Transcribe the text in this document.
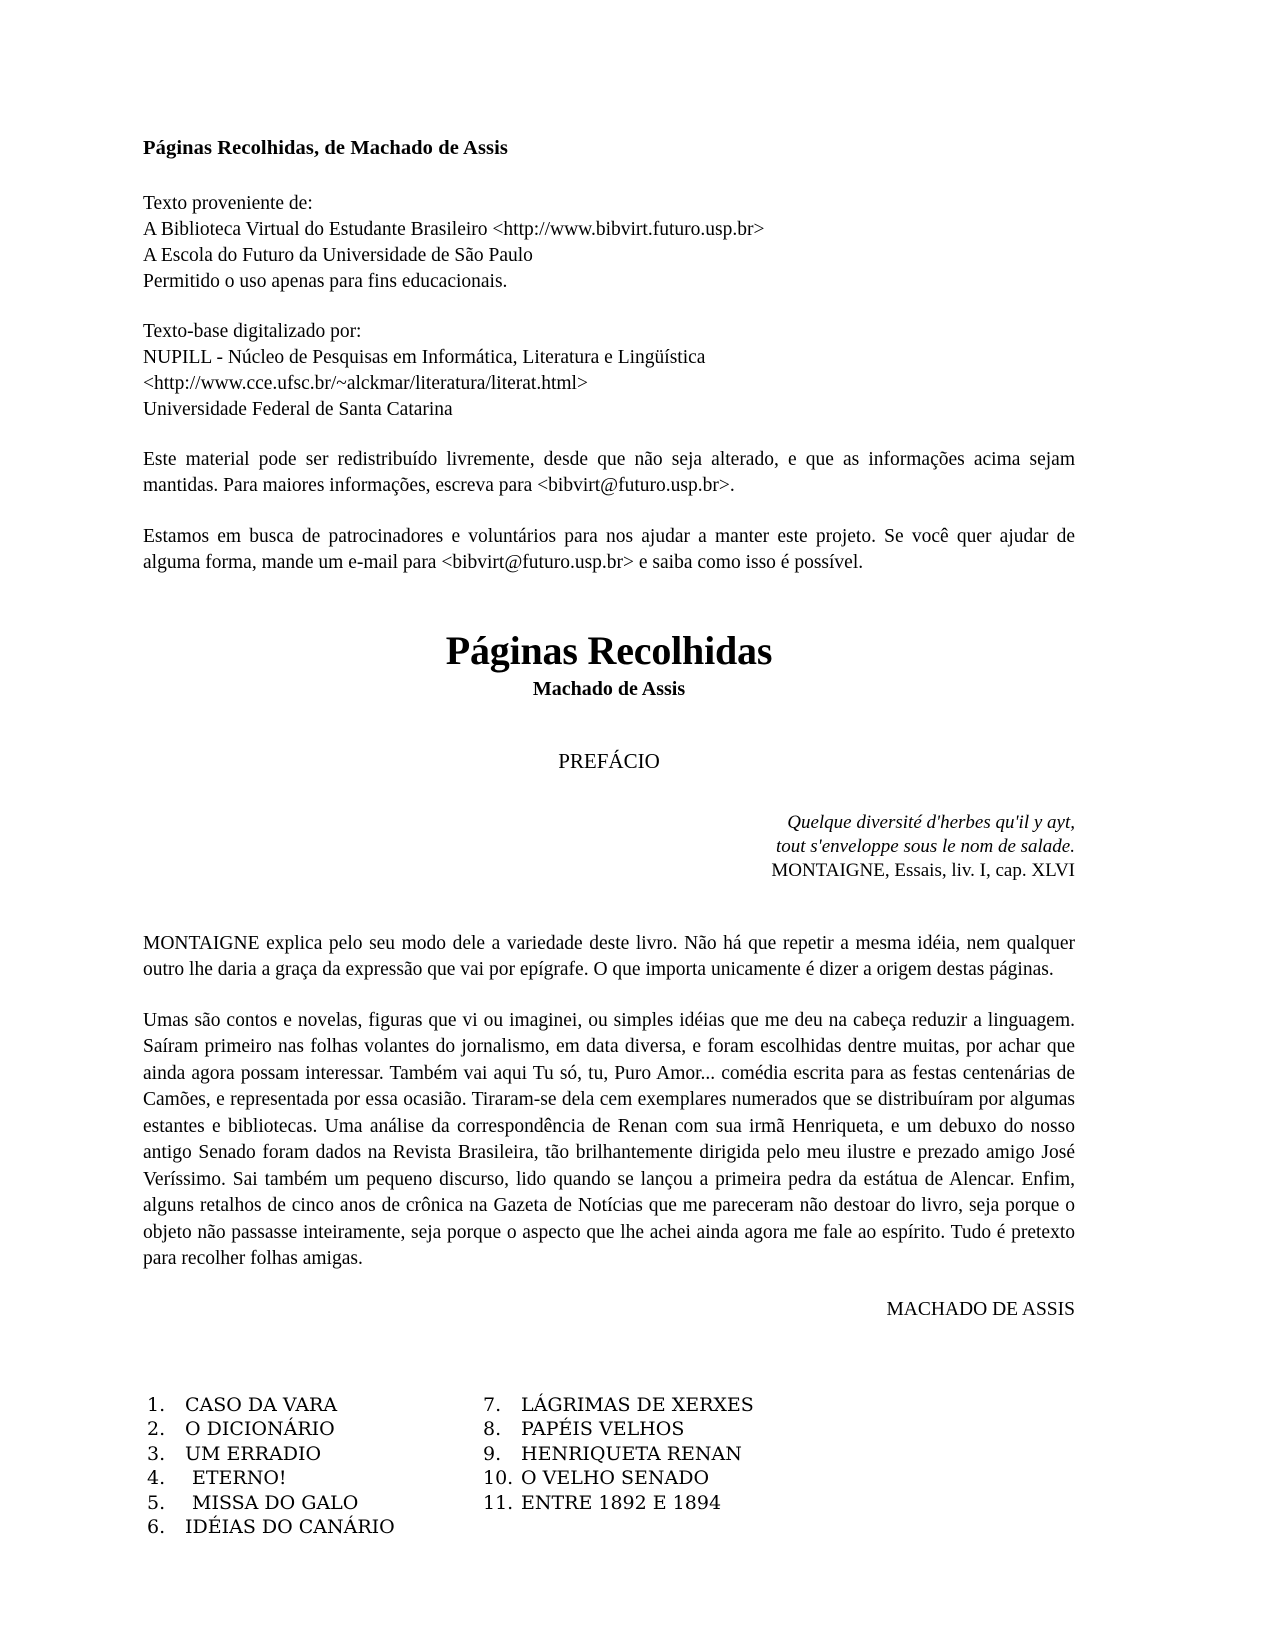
Páginas Recolhidas, de Machado de Assis
Texto proveniente de:
A Biblioteca Virtual do Estudante Brasileiro <http://www.bibvirt.futuro.usp.br>
A Escola do Futuro da Universidade de São Paulo
Permitido o uso apenas para fins educacionais.
Texto-base digitalizado por:
NUPILL - Núcleo de Pesquisas em Informática, Literatura e Lingüística
<http://www.cce.ufsc.br/~alckmar/literatura/literat.html>
Universidade Federal de Santa Catarina

Este material pode ser redistribuído livremente, desde que não seja alterado, e que as informações acima sejam mantidas. Para maiores informações, escreva para <bibvirt@futuro.usp.br>.

Estamos em busca de patrocinadores e voluntários para nos ajudar a manter este projeto. Se você quer ajudar de alguma forma, mande um e-mail para <bibvirt@futuro.usp.br> e saiba como isso é possível.

Páginas Recolhidas
Machado de Assis
PREFÁCIO
Quelque diversité d'herbes qu'il y ayt,
tout s'enveloppe sous le nom de salade.
MONTAIGNE, Essais, liv. I, cap. XLVI

MONTAIGNE explica pelo seu modo dele a variedade deste livro. Não há que repetir a mesma idéia, nem qualquer outro lhe daria a graça da expressão que vai por epígrafe. O que importa unicamente é dizer a origem destas páginas.

Umas são contos e novelas, figuras que vi ou imaginei, ou simples idéias que me deu na cabeça reduzir a linguagem. Saíram primeiro nas folhas volantes do jornalismo, em data diversa, e foram escolhidas dentre muitas, por achar que ainda agora possam interessar. Também vai aqui Tu só, tu, Puro Amor... comédia escrita para as festas centenárias de Camões, e representada por essa ocasião. Tiraram-se dela cem exemplares numerados que se distribuíram por algumas estantes e bibliotecas. Uma análise da correspondência de Renan com sua irmã Henriqueta, e um debuxo do nosso antigo Senado foram dados na Revista Brasileira, tão brilhantemente dirigida pelo meu ilustre e prezado amigo José Veríssimo. Sai também um pequeno discurso, lido quando se lançou a primeira pedra da estátua de Alencar. Enfim, alguns retalhos de cinco anos de crônica na Gazeta de Notícias que me pareceram não destoar do livro, seja porque o objeto não passasse inteiramente, seja porque o aspecto que lhe achei ainda agora me fale ao espírito. Tudo é pretexto para recolher folhas amigas.

MACHADO DE ASSIS
1.	CASO DA VARA
2.	O DICIONÁRIO
3.	UM ERRADIO
4.	ETERNO!
5.	MISSA DO GALO
6.	IDÉIAS DO CANÁRIO
7.	LÁGRIMAS DE XERXES
8.	PAPÉIS VELHOS
9.	HENRIQUETA RENAN
10. O VELHO SENADO
11. ENTRE 1892 E 1894
